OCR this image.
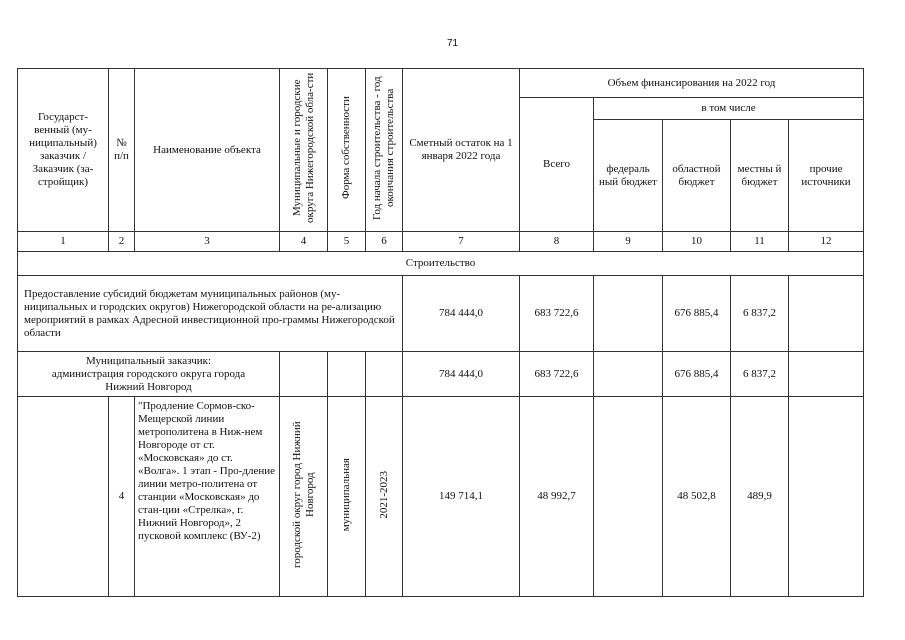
71
Государст-венный (му-ниципальный) заказчик / Заказчик (за-стройщик)	№ п/п	Наименование объекта	Муниципальные и городские округа Нижегородской обла-сти	Форма собственности	Год начала строительства - год окончания строительства	Сметный остаток на 1 января 2022 года	Объем финансирования на 2022 год				
							Всего	в том числе			
								федераль ный бюджет	областной бюджет	местны й бюджет	прочие источники
1	2	3	4	5	6	7	8	9	10	11	12
Строительство											
Предоставление субсидий бюджетам муниципальных районов (му-ниципальных и городских округов) Нижегородской области на ре-ализацию мероприятий в рамках Адресной инвестиционной про-граммы Нижегородской области						784 444,0	683 722,6		676 885,4	6 837,2	

Муниципальный заказчик:
администрация городского округа города
Нижний Новгород						784 444,0	683 722,6		676 885,4	6 837,2	
	4	"Продление Сормов-ско-Мещерской линии метрополитена в Ниж-нем Новгороде от ст. «Московская» до ст. «Волга». 1 этап - Про-дление линии метро-политена от станции «Московская» до стан-ции «Стрелка», г. Нижний Новгород», 2 пусковой комплекс (ВУ-2)	городской округ город Нижний Новгород	муниципальная	2021-2023	149 714,1	48 992,7		48 502,8	489,9	
